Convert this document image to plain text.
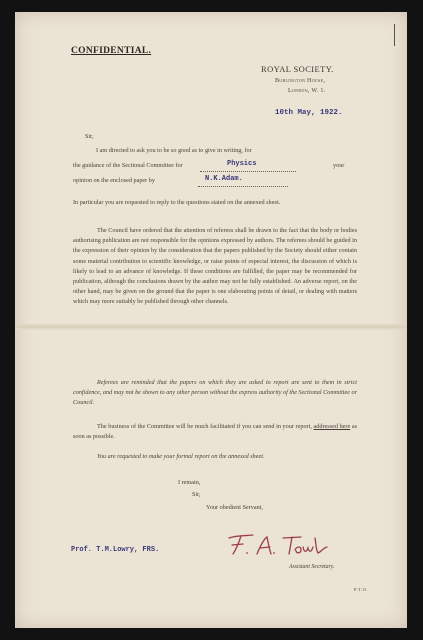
CONFIDENTIAL.
ROYAL SOCIETY.
Burlington House,
London, W. 1.
10th May, 1922.
Sir,
I am directed to ask you to be so good as to give in writing, for
the guidance of the Sectional Committee for	Physics	your
opinion on the enclosed paper by	N.K.Adam.
In particular you are requested to reply to the questions stated on the annexed sheet.
The Council have ordered that the attention of referees shall be drawn to the fact that the body or bodies authorising publication are not responsible for the opinions expressed by authors. The referees should be guided in the expression of their opinion by the consideration that the papers published by the Society should either contain some material contribution to scientific knowledge, or raise points of especial interest, the discussion of which is likely to lead to an advance of knowledge. If these conditions are fulfilled, the paper may be recommended for publication, although the conclusions drawn by the author may not be fully established. An adverse report, on the other hand, may be given on the ground that the paper is one elaborating points of detail, or dealing with matters which may more suitably be published through other channels.
Referees are reminded that the papers on which they are asked to report are sent to them in strict confidence, and may not be shown to any other person without the express authority of the Sectional Committee or Council.
The business of the Committee will be much facilitated if you can send in your report, addressed here as soon as possible.
You are requested to make your formal report on the annexed sheet.
I remain,
Sir,
Your obedient Servant,
Prof. T.M.Lowry, FRS.
Assistant Secretary.
P.T.O.
